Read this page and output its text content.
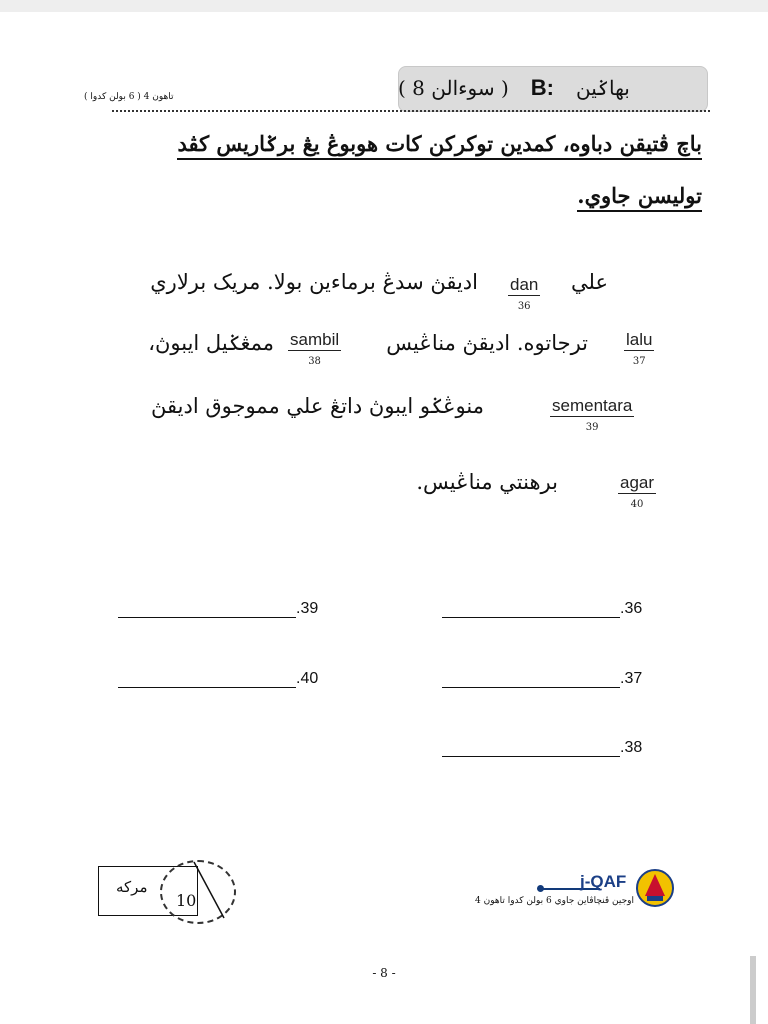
بهاݢين
B:
( سوءالن 8 )
تاهون 4 ( 6 بولن كدوا )
باچ ڤتيقن دباوه، كمدين توكركن كات هوبوڠ يڠ برݢاريس كڤد
توليسن جاوي.
علي
dan
36
اديقڽ سدڠ برماءين بولا. مريک برلاري
lalu
37
ترجاتوه. اديقڽ مناڠيس
sambil
38
ممڠݢيل ايبوڽ،
sementara
39
منوڠݢو ايبوڽ داتڠ علي مموجوق اديقڽ
agar
40
برهنتي مناڠيس.
.36
.37
.38
.39
.40
مركه
10
j-QAF
اوجين ڤنچاڤاين جاوي 6 بولن كدوا تاهون 4
- 8 -
